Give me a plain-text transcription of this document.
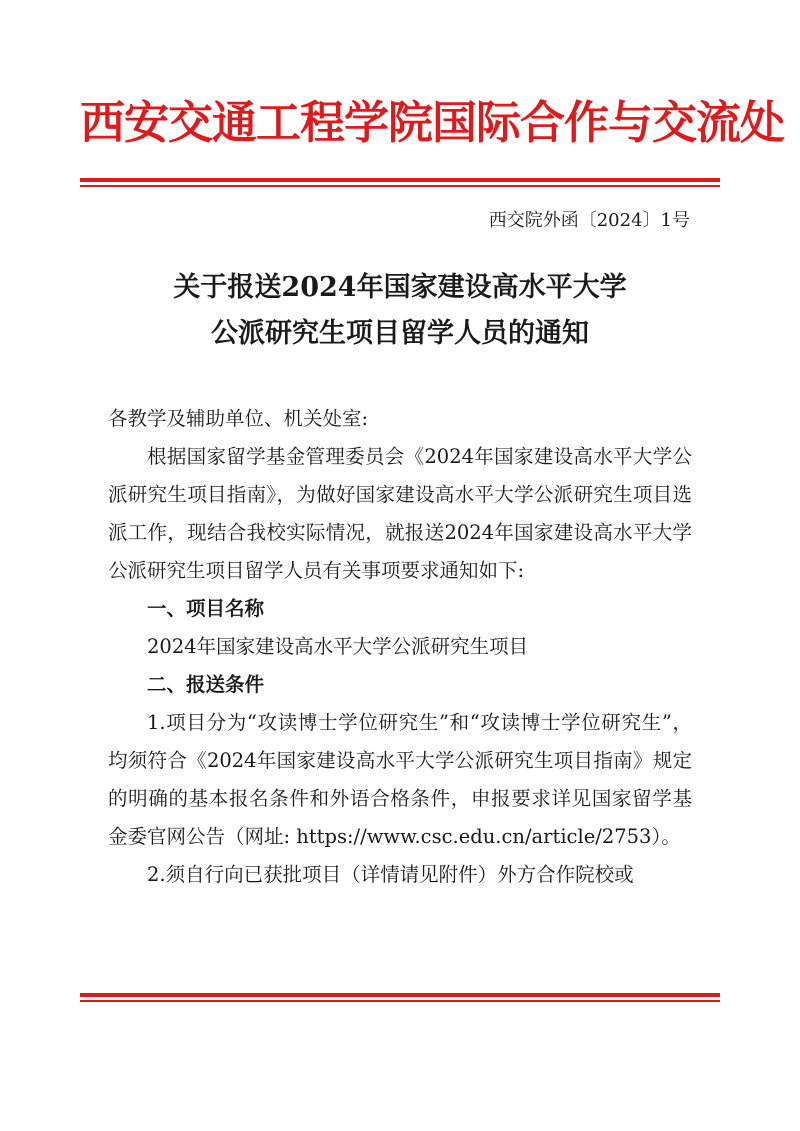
西安交通工程学院国际合作与交流处
西交院外函〔2024〕1号
关于报送2024年国家建设高水平大学
公派研究生项目留学人员的通知

各教学及辅助单位、机关处室:

根据国家留学基金管理委员会《2024年国家建设高水平大学公派研究生项目指南》，为做好国家建设高水平大学公派研究生项目选派工作，现结合我校实际情况，就报送2024年国家建设高水平大学公派研究生项目留学人员有关事项要求通知如下:

一、项目名称

2024年国家建设高水平大学公派研究生项目

二、报送条件

1.项目分为“攻读博士学位研究生”和“攻读博士学位研究生”，均须符合《2024年国家建设高水平大学公派研究生项目指南》规定的明确的基本报名条件和外语合格条件，申报要求详见国家留学基金委官网公告（网址: https://www.csc.edu.cn/article/2753）。

2.须自行向已获批项目（详情请见附件）外方合作院校或
